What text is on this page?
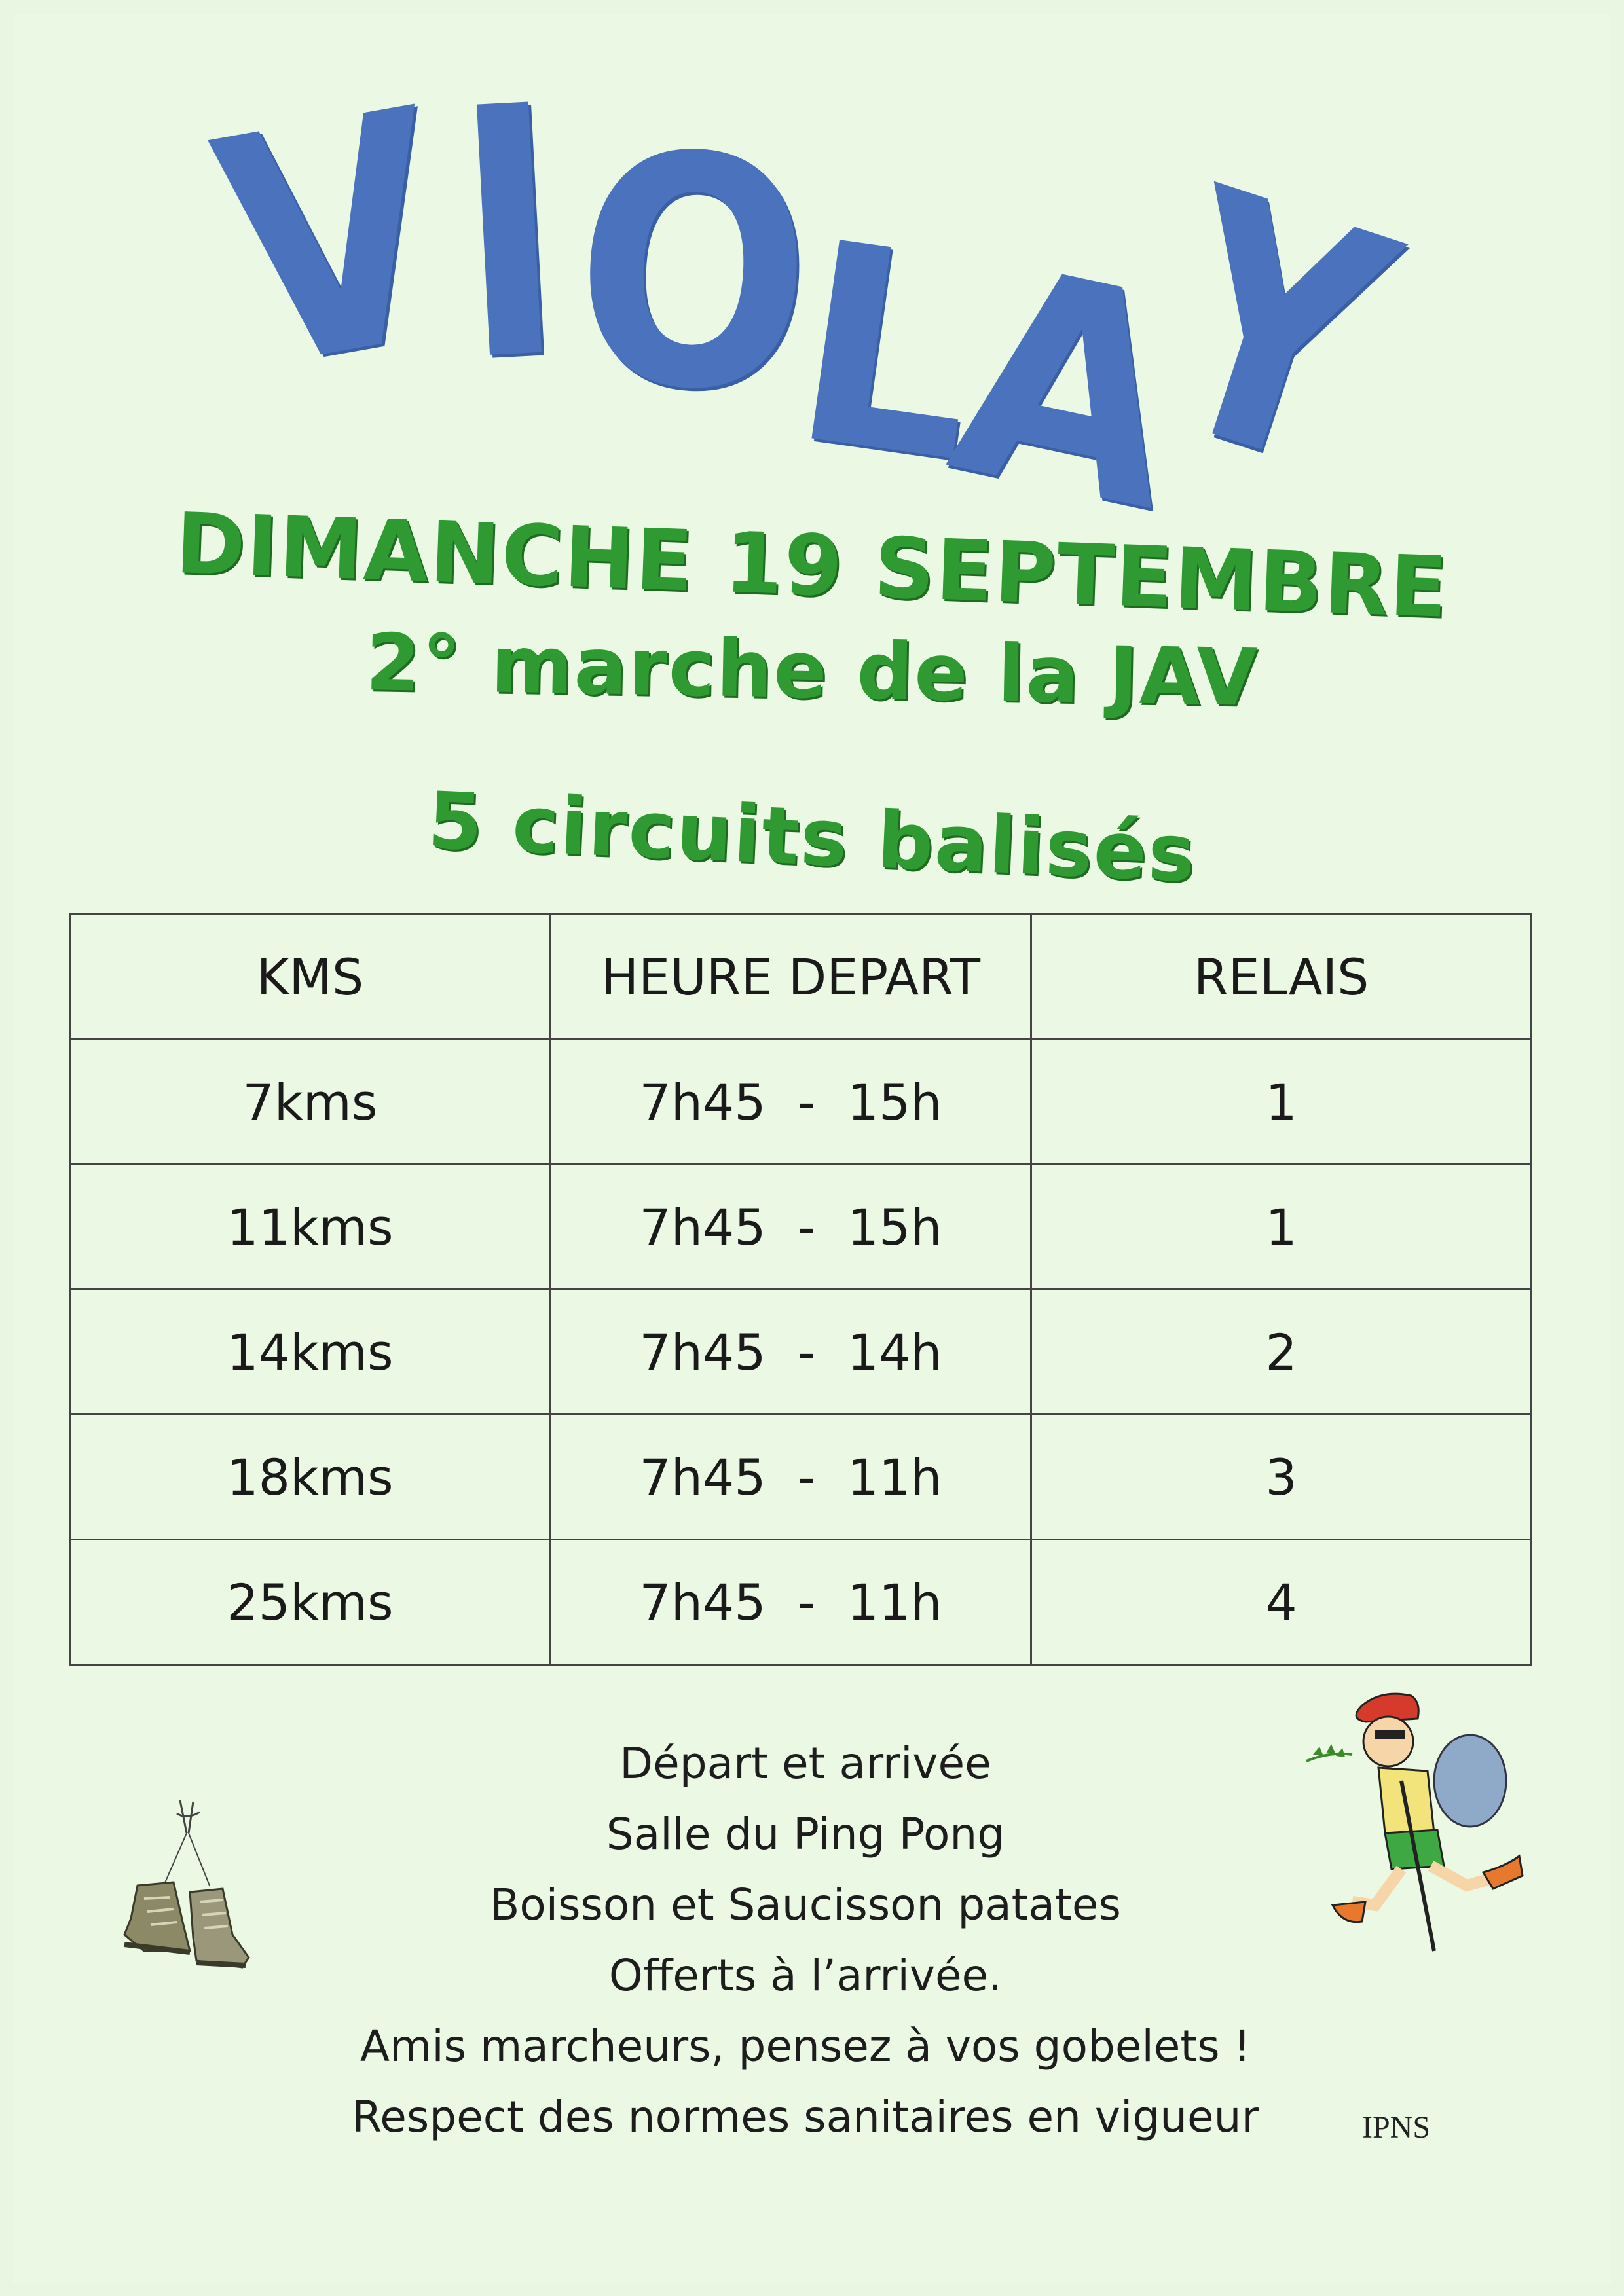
V
I
O
L
A
Y
DIMANCHE 19 SEPTEMBRE
2° marche de la JAV
5 circuits balisés
KMS	HEURE DEPART	RELAIS
7kms	7h45  -  15h	1
11kms	7h45  -  15h	1
14kms	7h45  -  14h	2
18kms	7h45  -  11h	3
25kms	7h45  -  11h	4
Départ et arrivée
Salle du Ping Pong
Boisson et Saucisson patates
Offerts à l’arrivée.
Amis marcheurs, pensez à vos gobelets !
Respect des normes sanitaires en vigueur	IPNS
